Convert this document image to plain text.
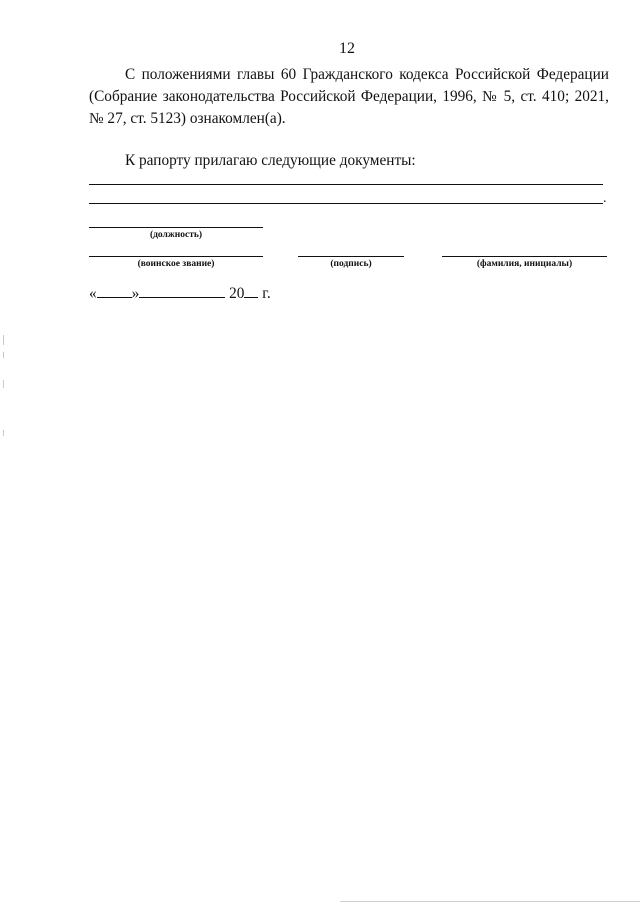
12

С положениями главы 60 Гражданского кодекса Российской Федерации (Собрание законодательства Российской Федерации, 1996, № 5, ст. 410; 2021, № 27, ст. 5123) ознакомлен(а).

К рапорту прилагаю следующие документы:

.
(должность)
(воинское звание)	(подпись)	(фамилия, инициалы)
« »	20 г.
